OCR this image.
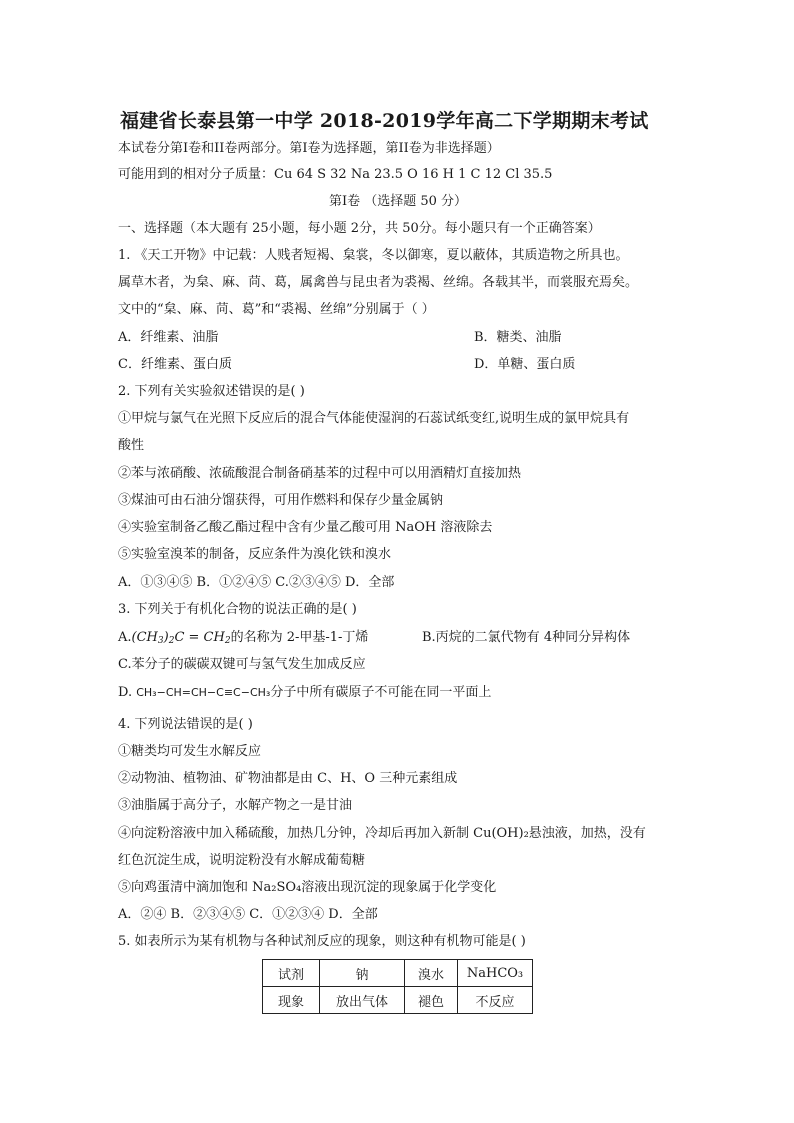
福建省长泰县第一中学 2018-2019学年高二下学期期末考试
本试卷分第I卷和II卷两部分。第I卷为选择题，第II卷为非选择题）
可能用到的相对分子质量：Cu 64 S 32 Na 23.5 O 16 H 1 C 12 Cl 35.5
第I卷 （选择题 50 分）
一、选择题（本大题有 25小题，每小题 2分，共 50分。每小题只有一个正确答案）
1. 《天工开物》中记载：人贱者短褐、枲裳，冬以御寒，夏以蔽体，其质造物之所具也。
属草木者，为枲、麻、苘、葛，属禽兽与昆虫者为裘褐、丝绵。各载其半，而裳服充焉矣。
文中的“枲、麻、苘、葛”和“裘褐、丝绵”分别属于（ ）
A．纤维素、油脂	B．糖类、油脂
C．纤维素、蛋白质	D．单糖、蛋白质
2. 下列有关实验叙述错误的是( )
①甲烷与氯气在光照下反应后的混合气体能使湿润的石蕊试纸变红,说明生成的氯甲烷具有
酸性
②苯与浓硝酸、浓硫酸混合制备硝基苯的过程中可以用酒精灯直接加热
③煤油可由石油分馏获得，可用作燃料和保存少量金属钠
④实验室制备乙酸乙酯过程中含有少量乙酸可用 NaOH 溶液除去
⑤实验室溴苯的制备，反应条件为溴化铁和溴水
A．①③④⑤ B．①②④⑤ C.②③④⑤ D．全部
3. 下列关于有机化合物的说法正确的是( )
$A.(CH_3)_2C = CH_2$的名称为 2-甲基-1-丁烯	B.丙烷的二氯代物有 4种同分异构体
C.苯分子的碳碳双键可与氢气发生加成反应
D. CH₃−CH=CH−C≡C−CH₃分子中所有碳原子不可能在同一平面上
4. 下列说法错误的是( )
①糖类均可发生水解反应
②动物油、植物油、矿物油都是由 C、H、O 三种元素组成
③油脂属于高分子，水解产物之一是甘油
④向淀粉溶液中加入稀硫酸，加热几分钟，冷却后再加入新制 Cu(OH)₂悬浊液，加热，没有
红色沉淀生成，说明淀粉没有水解成葡萄糖
⑤向鸡蛋清中滴加饱和 Na₂SO₄溶液出现沉淀的现象属于化学变化
A．②④ B．②③④⑤ C．①②③④ D．全部
5. 如表所示为某有机物与各种试剂反应的现象，则这种有机物可能是( )
试剂	钠	溴水	NaHCO₃
现象	放出气体	褪色	不反应
